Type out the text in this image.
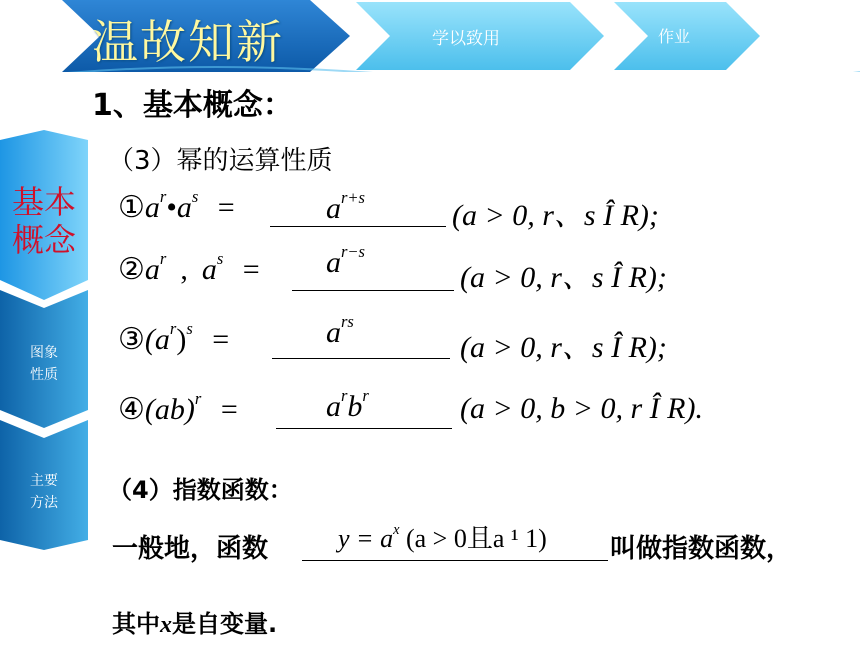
温故知新	学以致用	作业
基本
概念
图象
性质
主要
方法
1、基本概念：
（3）幂的运算性质
$①a^r•a^s$ =	$a^{r+s}$
(a > 0, r、s Î R);
$②a^r$ , $a^s = a^{r-s}$
(a > 0, r、s Î R);
$③(a^r)^s$ =	$a^{rs}$
(a > 0, r、s Î R);
④(ab)$^r$ =	$a^rb^r$	(a > 0, b > 0, r Î R).
（4）指数函数：
一般地，函数	$y = a^x$ (a > 0且a ¹ 1) 叫做指数函数，
其中x是自变量.
